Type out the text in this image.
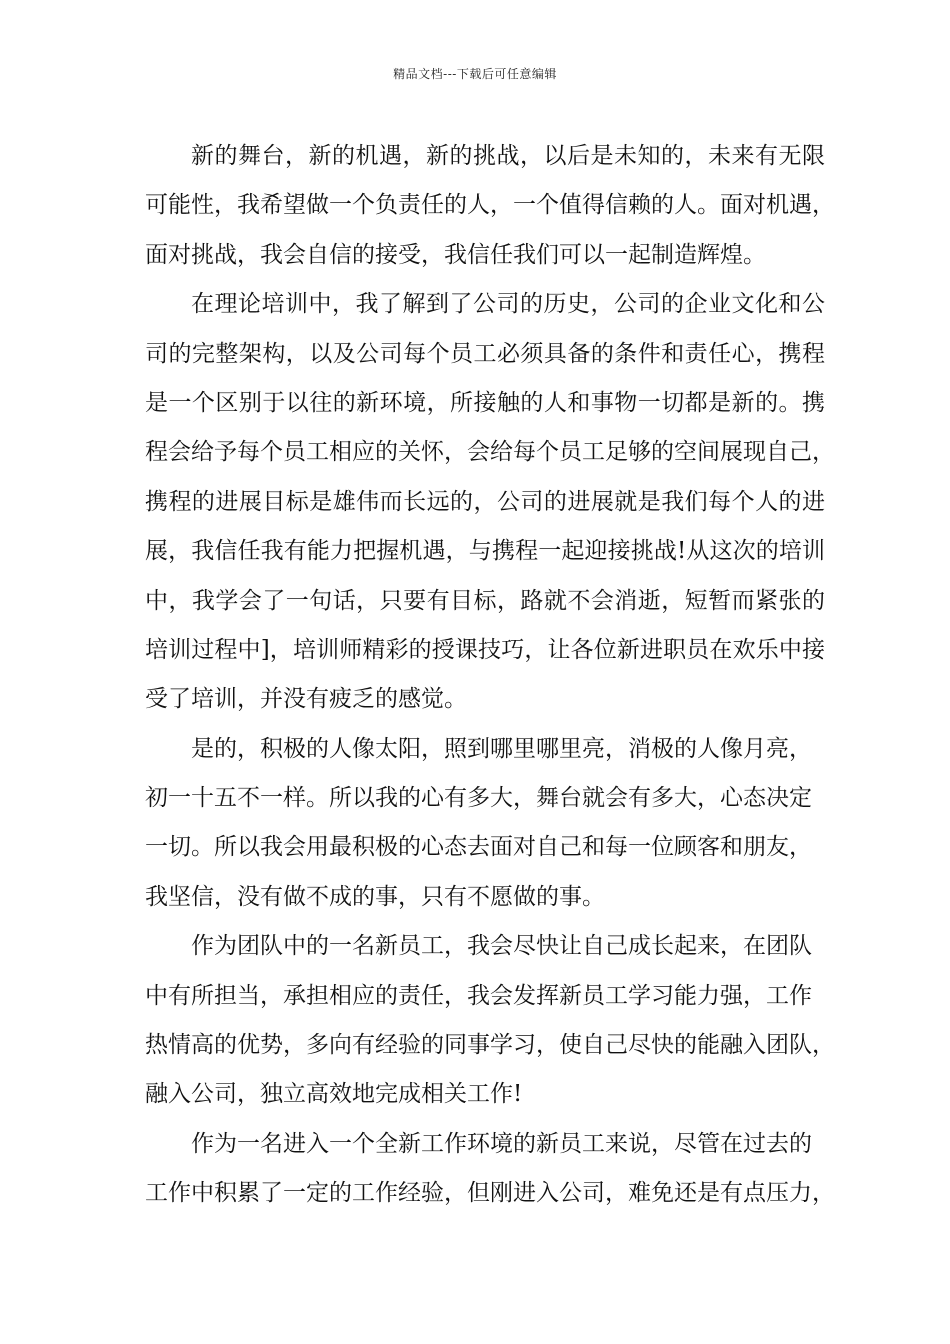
精品文档---下载后可任意编辑
新的舞台，新的机遇，新的挑战，以后是未知的，未来有无限
可能性，我希望做一个负责任的人，一个值得信赖的人。面对机遇，
面对挑战，我会自信的接受，我信任我们可以一起制造辉煌。
在理论培训中，我了解到了公司的历史，公司的企业文化和公
司的完整架构，以及公司每个员工必须具备的条件和责任心，携程
是一个区别于以往的新环境，所接触的人和事物一切都是新的。携
程会给予每个员工相应的关怀，会给每个员工足够的空间展现自己，
携程的进展目标是雄伟而长远的，公司的进展就是我们每个人的进
展，我信任我有能力把握机遇，与携程一起迎接挑战!从这次的培训
中，我学会了一句话，只要有目标，路就不会消逝，短暂而紧张的
培训过程中]，培训师精彩的授课技巧，让各位新进职员在欢乐中接
受了培训，并没有疲乏的感觉。
是的，积极的人像太阳，照到哪里哪里亮，消极的人像月亮，
初一十五不一样。所以我的心有多大，舞台就会有多大，心态决定
一切。所以我会用最积极的心态去面对自己和每一位顾客和朋友，
我坚信，没有做不成的事，只有不愿做的事。
作为团队中的一名新员工，我会尽快让自己成长起来，在团队
中有所担当，承担相应的责任，我会发挥新员工学习能力强，工作
热情高的优势，多向有经验的同事学习，使自己尽快的能融入团队，
融入公司，独立高效地完成相关工作!
作为一名进入一个全新工作环境的新员工来说，尽管在过去的
工作中积累了一定的工作经验，但刚进入公司，难免还是有点压力，
